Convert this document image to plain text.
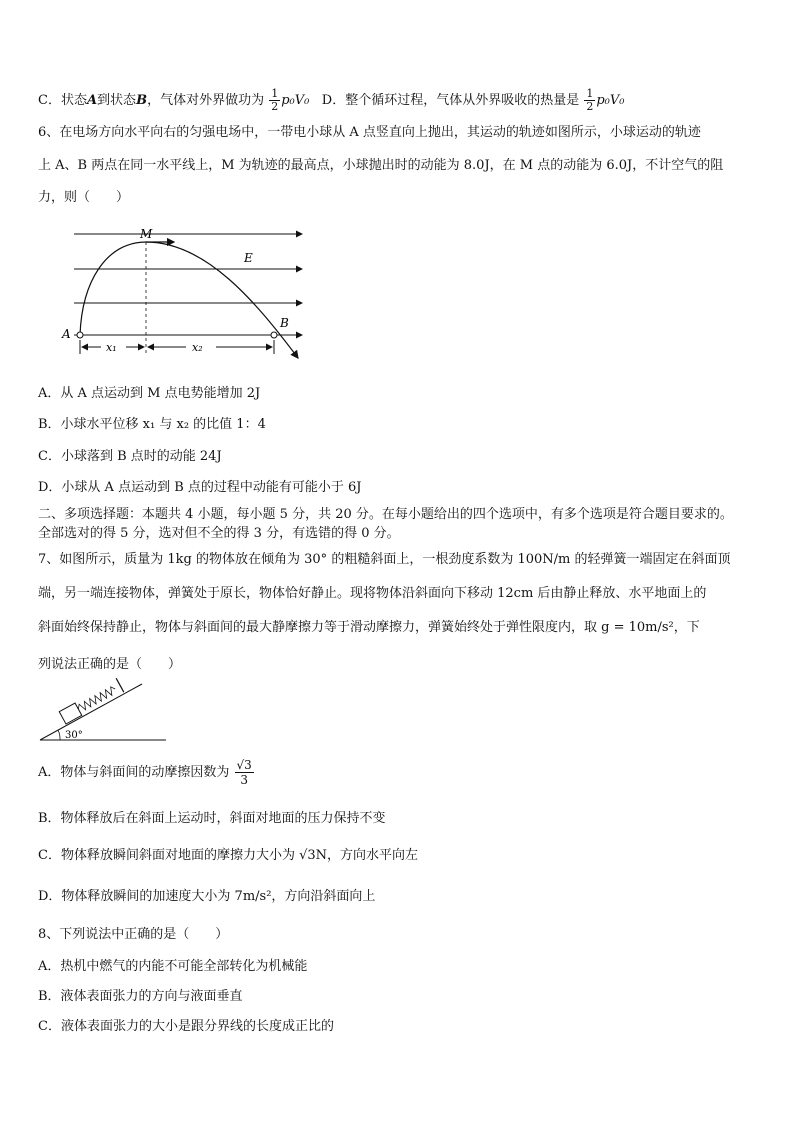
C．状态A到状态B，气体对外界做功为 $\frac{1}{2} p_0V_0$ D．整个循环过程，气体从外界吸收的热量是 $\frac{1}{2} p_0V_0$
6、在电场方向水平向右的匀强电场中，一带电小球从 A 点竖直向上抛出，其运动的轨迹如图所示，小球运动的轨迹
上 A、B 两点在同一水平线上，M 为轨迹的最高点，小球抛出时的动能为 8.0J，在 M 点的动能为 6.0J，不计空气的阻
力，则（　　）
M
E
A
B
x₁	x₂
A．从 A 点运动到 M 点电势能增加 2J
B．小球水平位移 x₁ 与 x₂ 的比值 1：4
C．小球落到 B 点时的动能 24J
D．小球从 A 点运动到 B 点的过程中动能有可能小于 6J
二、多项选择题：本题共 4 小题，每小题 5 分，共 20 分。在每小题给出的四个选项中，有多个选项是符合题目要求的。
全部选对的得 5 分，选对但不全的得 3 分，有选错的得 0 分。
7、如图所示，质量为 1kg 的物体放在倾角为 30° 的粗糙斜面上，一根劲度系数为 100N/m 的轻弹簧一端固定在斜面顶
端，另一端连接物体，弹簧处于原长，物体恰好静止。现将物体沿斜面向下移动 12cm 后由静止释放、水平地面上的
斜面始终保持静止，物体与斜面间的最大静摩擦力等于滑动摩擦力，弹簧始终处于弹性限度内，取 g = 10m/s²，下
列说法正确的是（　　）
30°
A．物体与斜面间的动摩擦因数为 $\frac{√3}{3}$
B．物体释放后在斜面上运动时，斜面对地面的压力保持不变
C．物体释放瞬间斜面对地面的摩擦力大小为 √3N，方向水平向左
D．物体释放瞬间的加速度大小为 7m/s²，方向沿斜面向上
8、下列说法中正确的是（　　）
A．热机中燃气的内能不可能全部转化为机械能
B．液体表面张力的方向与液面垂直
C．液体表面张力的大小是跟分界线的长度成正比的
